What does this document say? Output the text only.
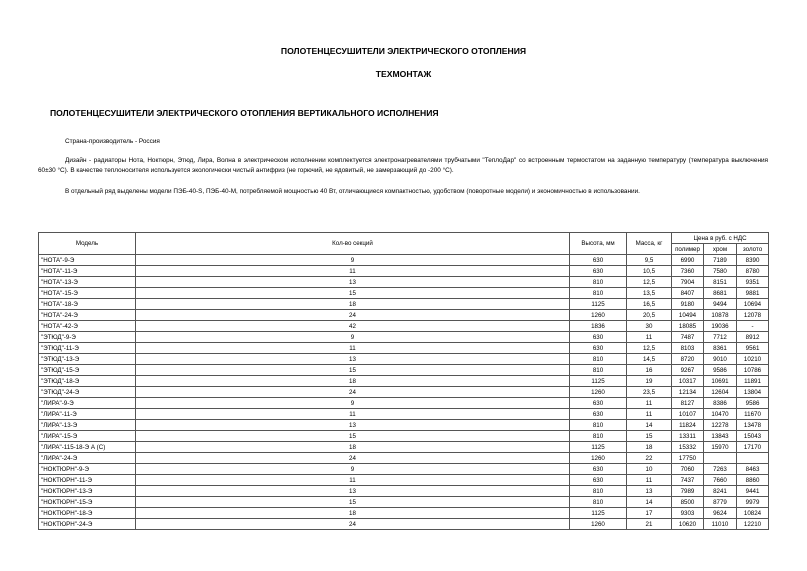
ПОЛОТЕНЦЕСУШИТЕЛИ ЭЛЕКТРИЧЕСКОГО ОТОПЛЕНИЯ
ТЕХМОНТАЖ
ПОЛОТЕНЦЕСУШИТЕЛИ ЭЛЕКТРИЧЕСКОГО ОТОПЛЕНИЯ ВЕРТИКАЛЬНОГО ИСПОЛНЕНИЯ
Страна-производитель - Россия
Дизайн - радиаторы Нота, Ноктюрн, Этюд, Лира, Волна в электрическом исполнении комплектуется электронагревателями трубчатыми "ТеплоДар" со встроенным термостатом на заданную температуру (температура выключения 60±30 °С). В качестве теплоносителя используется экологически чистый антифриз (не горючий, не ядовитый, не замерзающий до -200 °С).
В отдельный ряд выделены модели ПЭБ-40-S, ПЭБ-40-М, потребляемой мощностью 40 Вт, отличающиеся компактностью, удобством (поворотные модели) и экономичностью в использовании.
Модель	Кол-во секций	Высота, мм	Масса, кг	Цена в руб. с НДС		
				полимер	хром	золото
"НОТА"-9-Э	9	630	9,5	6990	7189	8390
"НОТА"-11-Э	11	630	10,5	7360	7580	8780
"НОТА"-13-Э	13	810	12,5	7904	8151	9351
"НОТА"-15-Э	15	810	13,5	8407	8681	9881
"НОТА"-18-Э	18	1125	16,5	9180	9494	10694
"НОТА"-24-Э	24	1260	20,5	10494	10878	12078
"НОТА"-42-Э	42	1836	30	18085	19036	-
"ЭТЮД"-9-Э	9	630	11	7487	7712	8912
"ЭТЮД"-11-Э	11	630	12,5	8103	8361	9561
"ЭТЮД"-13-Э	13	810	14,5	8720	9010	10210
"ЭТЮД"-15-Э	15	810	16	9267	9586	10786
"ЭТЮД"-18-Э	18	1125	19	10317	10691	11891
"ЭТЮД"-24-Э	24	1260	23,5	12134	12604	13804
"ЛИРА"-9-Э	9	630	11	8127	8386	9586
"ЛИРА"-11-Э	11	630	11	10107	10470	11670
"ЛИРА"-13-Э	13	810	14	11824	12278	13478
"ЛИРА"-15-Э	15	810	15	13311	13843	15043
"ЛИРА"-115-18-Э А (С)	18	1125	18	15332	15970	17170
"ЛИРА"-24-Э	24	1260	22	17750		
"НОКТЮРН"-9-Э	9	630	10	7060	7263	8463
"НОКТЮРН"-11-Э	11	630	11	7437	7660	8860
"НОКТЮРН"-13-Э	13	810	13	7989	8241	9441
"НОКТЮРН"-15-Э	15	810	14	8500	8779	9979
"НОКТЮРН"-18-Э	18	1125	17	9303	9624	10824
"НОКТЮРН"-24-Э	24	1260	21	10620	11010	12210
